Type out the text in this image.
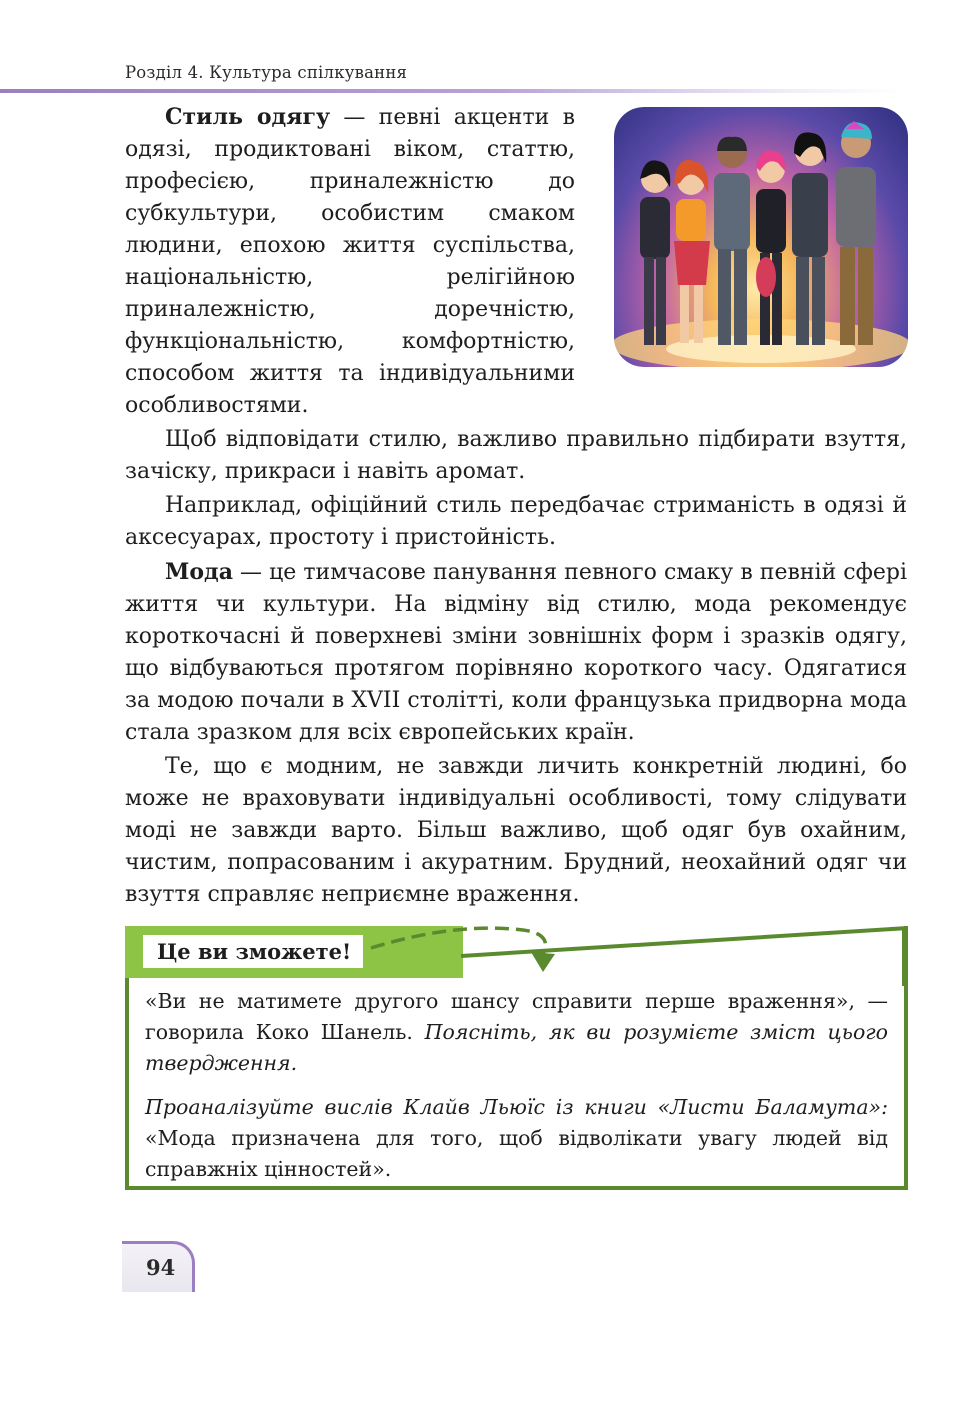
Розділ 4. Культура спілкування

Стиль одягу — певні акценти в одязі, продиктовані віком, статтю, професією, приналежністю до субкультури, особистим смаком людини, епохою життя суспільства, національністю, релігійною приналежністю, доречністю, функціональністю, комфортністю, способом життя та індивідуальними особливостями.

Щоб відповідати стилю, важливо правильно підбирати взуття, зачіску, прикраси і навіть аромат.

Наприклад, офіційний стиль передбачає стриманість в одязі й аксесуарах, простоту і пристойність.

Мода — це тимчасове панування певного смаку в певній сфері життя чи культури. На відміну від стилю, мода рекомендує короткочасні й поверхневі зміни зовнішніх форм і зразків одягу, що відбуваються протягом порівняно короткого часу. Одягатися за модою почали в XVII столітті, коли французька придворна мода стала зразком для всіх європейських країн.

Те, що є модним, не завжди личить конкретній людині, бо може не враховувати індивідуальні особливості, тому слідувати моді не завжди варто. Більш важливо, щоб одяг був охайним, чистим, попрасованим і акуратним. Брудний, неохайний одяг чи взуття справляє неприємне враження.

Це ви зможете!

«Ви не матимете другого шансу справити перше враження», — говорила Коко Шанель. Поясніть, як ви розумієте зміст цього твердження.

Проаналізуйте вислів Клайв Льюїс із книги «Листи Баламута»: «Мода призначена для того, щоб відволікати увагу людей від справжніх цінностей».

94
